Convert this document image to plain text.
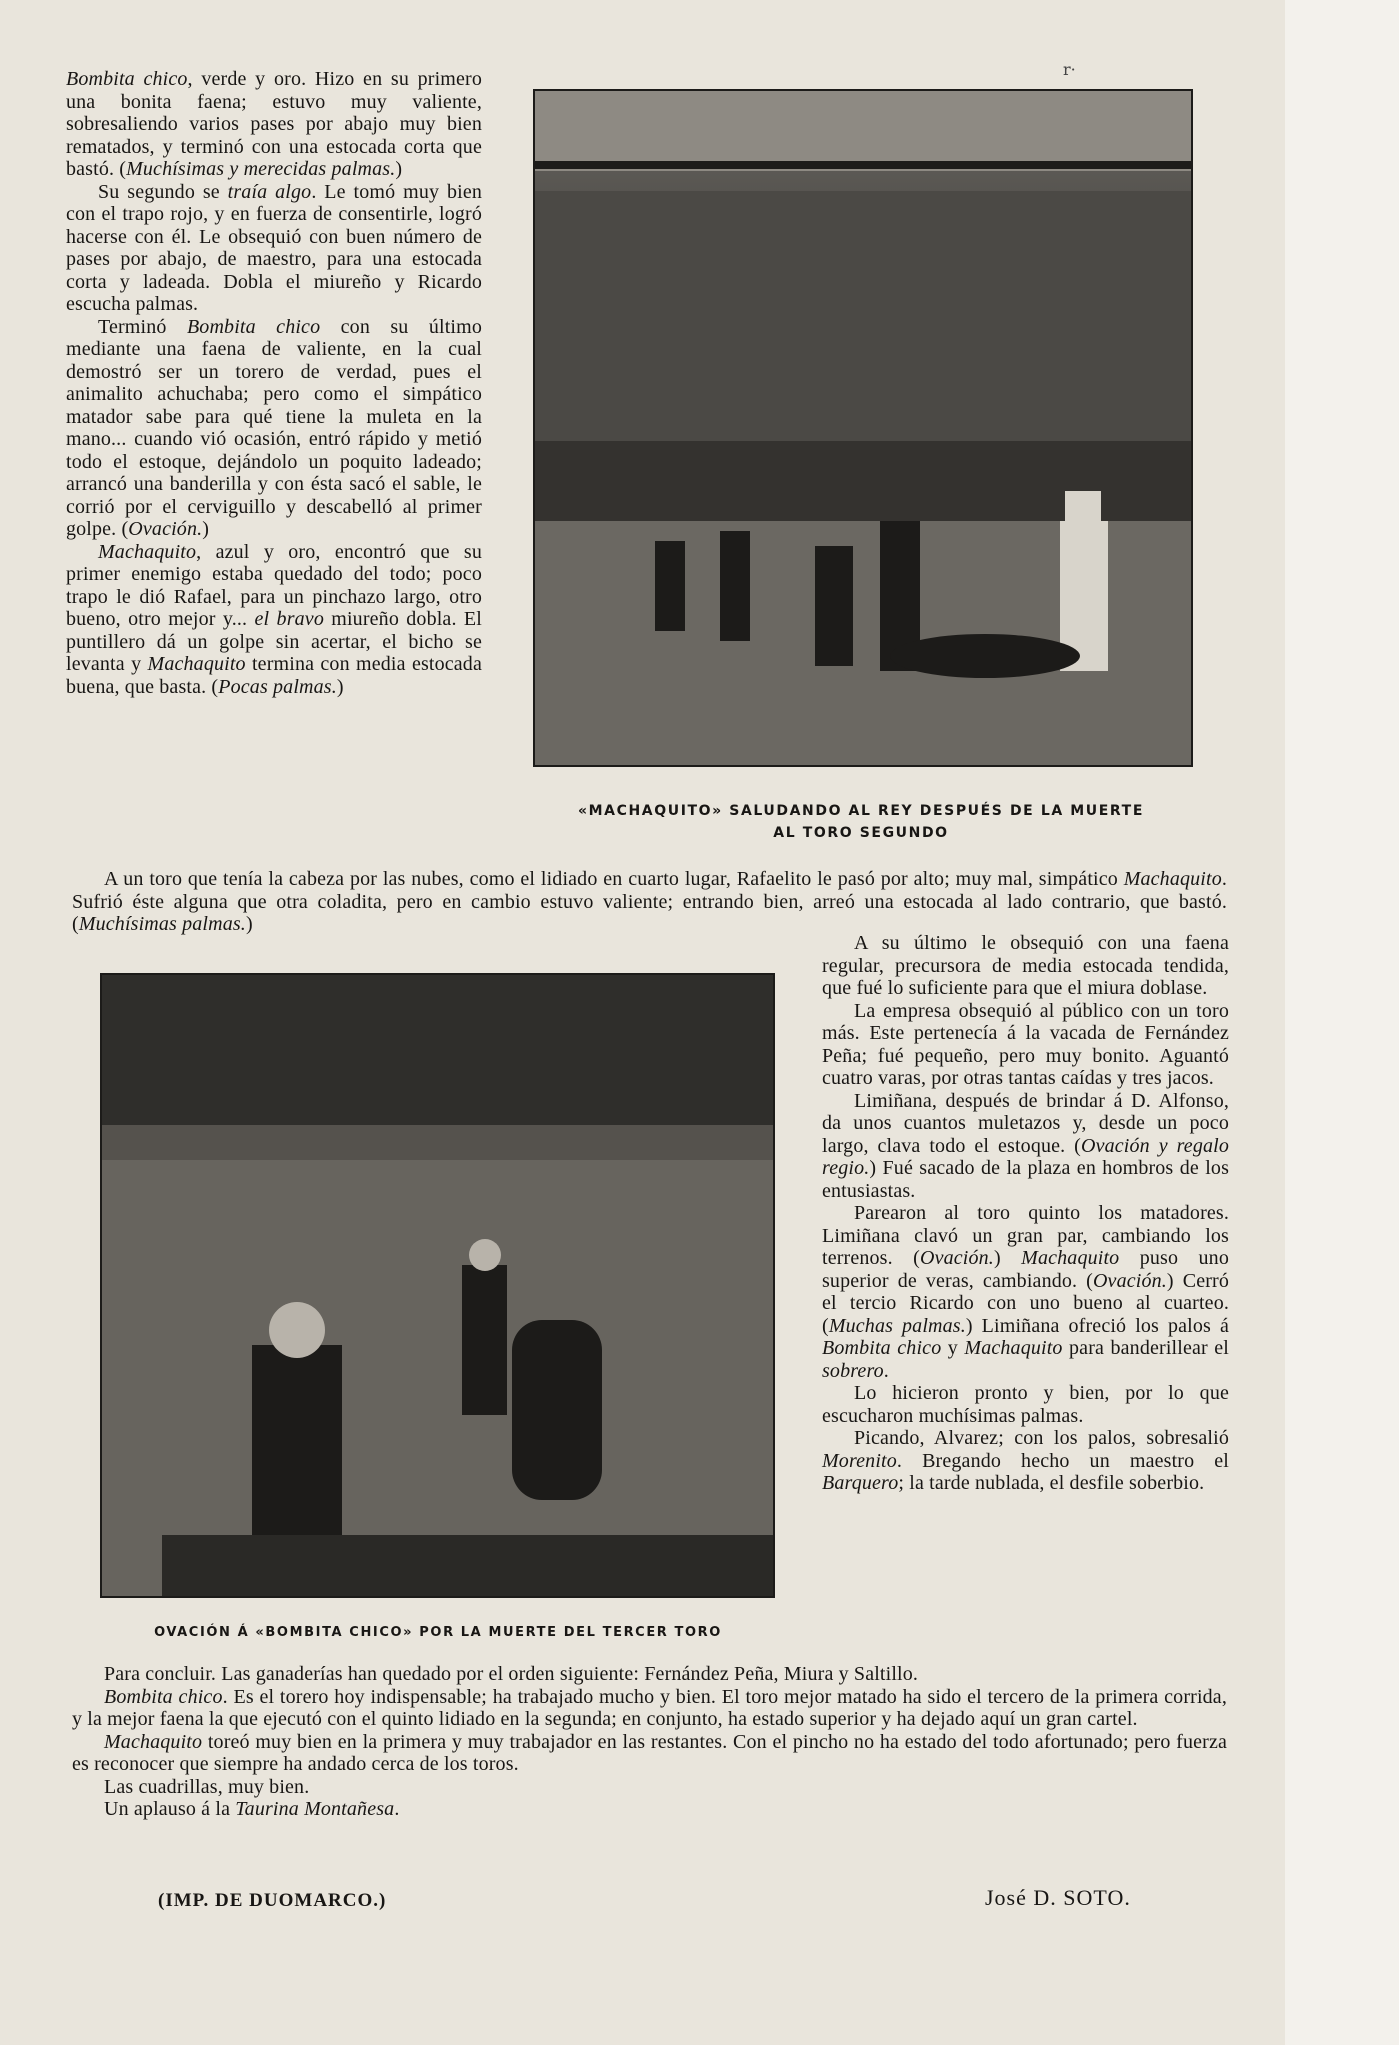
r·

Bombita chico, verde y oro. Hizo en su primero una bonita faena; estuvo muy valiente, sobresaliendo varios pases por abajo muy bien rematados, y terminó con una estocada corta que bastó. (Muchísimas y merecidas palmas.)

Su segundo se traía algo. Le tomó muy bien con el trapo rojo, y en fuerza de consentirle, logró hacerse con él. Le obsequió con buen número de pases por abajo, de maestro, para una estocada corta y ladeada. Dobla el miureño y Ricardo escucha palmas.

Terminó Bombita chico con su último mediante una faena de valiente, en la cual demostró ser un torero de verdad, pues el animalito achuchaba; pero como el simpático matador sabe para qué tiene la muleta en la mano... cuando vió ocasión, entró rápido y metió todo el estoque, dejándolo un poquito ladeado; arrancó una banderilla y con ésta sacó el sable, le corrió por el cerviguillo y descabelló al primer golpe. (Ovación.)

Machaquito, azul y oro, encontró que su primer enemigo estaba quedado del todo; poco trapo le dió Rafael, para un pinchazo largo, otro bueno, otro mejor y... el bravo miureño dobla. El puntillero dá un golpe sin acertar, el bicho se levanta y Machaquito termina con media estocada buena, que basta. (Pocas palmas.)

«MACHAQUITO» SALUDANDO AL REY DESPUÉS DE LA MUERTE
AL TORO SEGUNDO

A un toro que tenía la cabeza por las nubes, como el lidiado en cuarto lugar, Rafaelito le pasó por alto; muy mal, simpático Machaquito. Sufrió éste alguna que otra coladita, pero en cambio estuvo valiente; entrando bien, arreó una estocada al lado contrario, que bastó. (Muchísimas palmas.)

OVACIÓN Á «BOMBITA CHICO» POR LA MUERTE DEL TERCER TORO

A su último le obsequió con una faena regular, precursora de media estocada tendida, que fué lo suficiente para que el miura doblase.

La empresa obsequió al público con un toro más. Este pertenecía á la vacada de Fernández Peña; fué pequeño, pero muy bonito. Aguantó cuatro varas, por otras tantas caídas y tres jacos.

Limiñana, después de brindar á D. Alfonso, da unos cuantos muletazos y, desde un poco largo, clava todo el estoque. (Ovación y regalo regio.) Fué sacado de la plaza en hombros de los entusiastas.

Parearon al toro quinto los matadores. Limiñana clavó un gran par, cambiando los terrenos. (Ovación.) Machaquito puso uno superior de veras, cambiando. (Ovación.) Cerró el tercio Ricardo con uno bueno al cuarteo. (Muchas palmas.) Limiñana ofreció los palos á Bombita chico y Machaquito para banderillear el sobrero.

Lo hicieron pronto y bien, por lo que escucharon muchísimas palmas.

Picando, Alvarez; con los palos, sobresalió Morenito. Bregando hecho un maestro el Barquero; la tarde nublada, el desfile soberbio.

Para concluir. Las ganaderías han quedado por el orden siguiente: Fernández Peña, Miura y Saltillo.

Bombita chico. Es el torero hoy indispensable; ha trabajado mucho y bien. El toro mejor matado ha sido el tercero de la primera corrida, y la mejor faena la que ejecutó con el quinto lidiado en la segunda; en conjunto, ha estado superior y ha dejado aquí un gran cartel.

Machaquito toreó muy bien en la primera y muy trabajador en las restantes. Con el pincho no ha estado del todo afortunado; pero fuerza es reconocer que siempre ha andado cerca de los toros.

Las cuadrillas, muy bien.

Un aplauso á la Taurina Montañesa.

(IMP. DE DUOMARCO.)	José D. SOTO.
